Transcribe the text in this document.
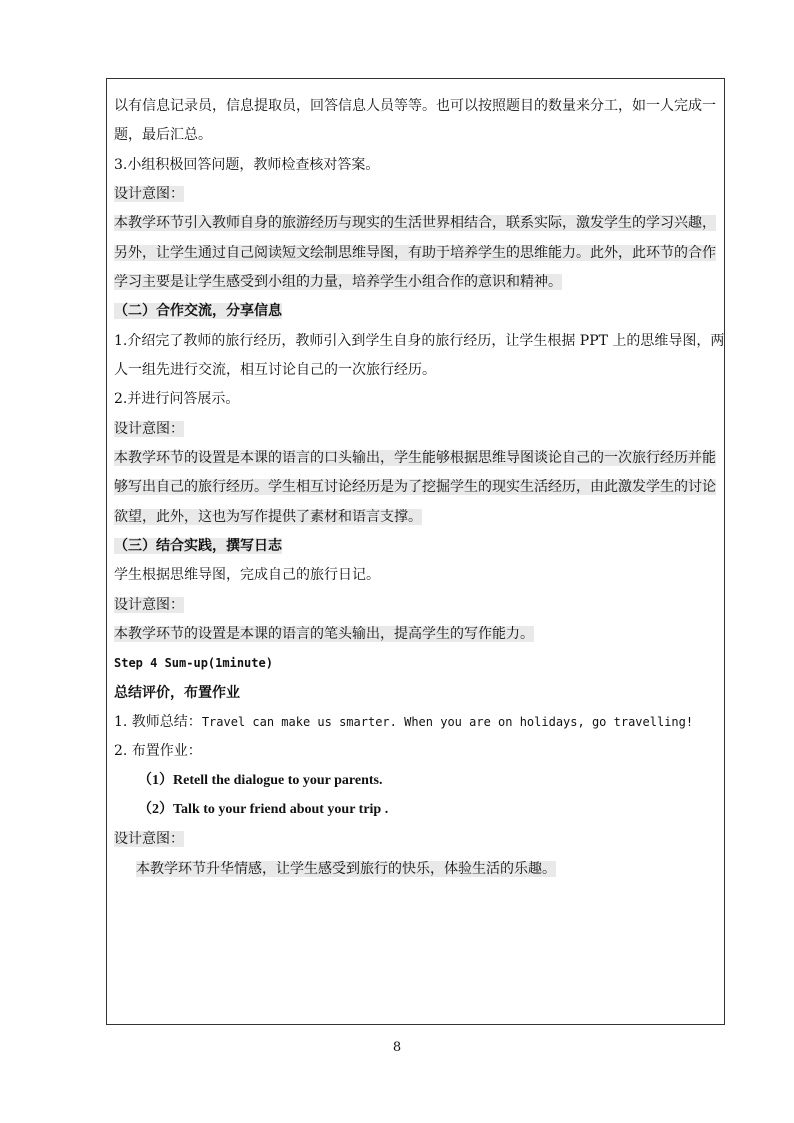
以有信息记录员，信息提取员，回答信息人员等等。也可以按照题目的数量来分工，如一人完成一
题，最后汇总。
3.小组积极回答问题，教师检查核对答案。
设计意图：
本教学环节引入教师自身的旅游经历与现实的生活世界相结合，联系实际，激发学生的学习兴趣，
另外，让学生通过自己阅读短文绘制思维导图，有助于培养学生的思维能力。此外，此环节的合作
学习主要是让学生感受到小组的力量，培养学生小组合作的意识和精神。
（二）合作交流，分享信息
1.介绍完了教师的旅行经历，教师引入到学生自身的旅行经历，让学生根据 PPT 上的思维导图，两
人一组先进行交流，相互讨论自己的一次旅行经历。
2.并进行问答展示。
设计意图：
本教学环节的设置是本课的语言的口头输出，学生能够根据思维导图谈论自己的一次旅行经历并能
够写出自己的旅行经历。学生相互讨论经历是为了挖掘学生的现实生活经历，由此激发学生的讨论
欲望，此外，这也为写作提供了素材和语言支撑。
（三）结合实践，撰写日志
学生根据思维导图，完成自己的旅行日记。
设计意图：
本教学环节的设置是本课的语言的笔头输出，提高学生的写作能力。
Step 4 Sum-up(1minute)
总结评价，布置作业
1. 教师总结：Travel can make us smarter. When you are on holidays, go travelling!
2. 布置作业：
（1）Retell the dialogue to your parents.
（2）Talk to your friend about your trip .
设计意图：
本教学环节升华情感，让学生感受到旅行的快乐，体验生活的乐趣。
8
